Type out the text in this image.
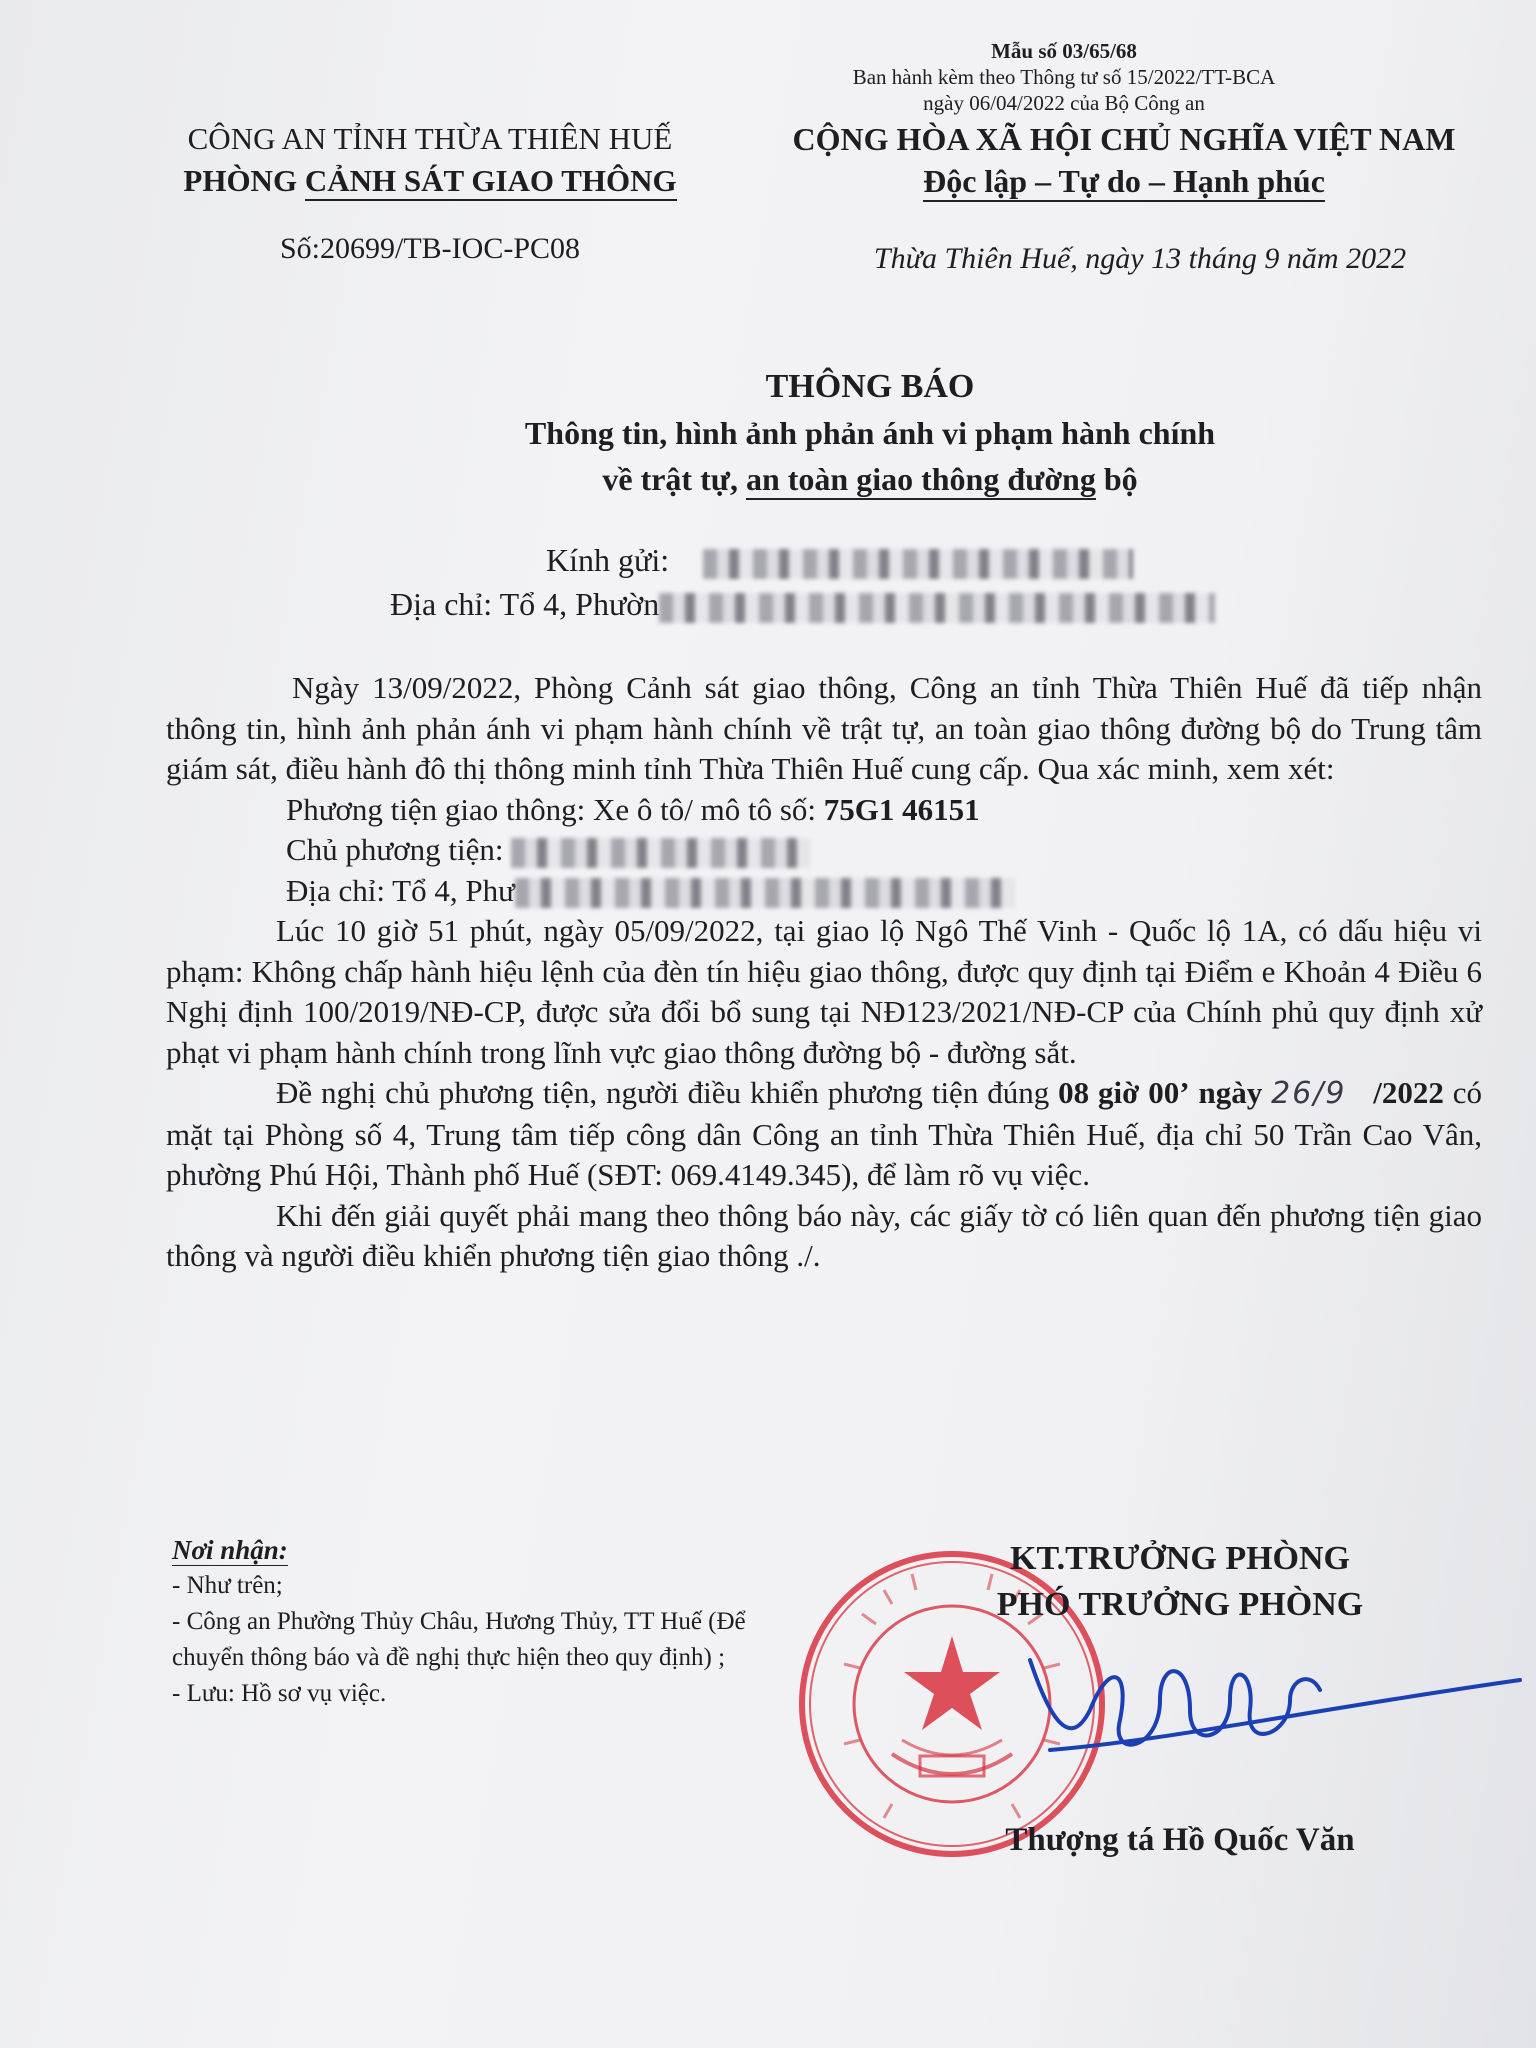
Mẫu số 03/65/68
Ban hành kèm theo Thông tư số 15/2022/TT-BCA
ngày 06/04/2022 của Bộ Công an
CÔNG AN TỈNH THỪA THIÊN HUẾ
PHÒNG CẢNH SÁT GIAO THÔNG
Số:20699/TB-IOC-PC08
CỘNG HÒA XÃ HỘI CHỦ NGHĨA VIỆT NAM
Độc lập – Tự do – Hạnh phúc
Thừa Thiên Huế, ngày 13 tháng 9 năm 2022
THÔNG BÁO
Thông tin, hình ảnh phản ánh vi phạm hành chính
về trật tự, an toàn giao thông đường bộ
Kính gửi:
Địa chỉ: Tổ 4, Phườn

Ngày 13/09/2022, Phòng Cảnh sát giao thông, Công an tỉnh Thừa Thiên Huế đã tiếp nhận thông tin, hình ảnh phản ánh vi phạm hành chính về trật tự, an toàn giao thông đường bộ do Trung tâm giám sát, điều hành đô thị thông minh tỉnh Thừa Thiên Huế cung cấp. Qua xác minh, xem xét:

Phương tiện giao thông: Xe ô tô/ mô tô số: 75G1 46151

Chủ phương tiện:

Địa chỉ: Tổ 4, Phư

Lúc 10 giờ 51 phút, ngày 05/09/2022, tại giao lộ Ngô Thế Vinh - Quốc lộ 1A, có dấu hiệu vi phạm: Không chấp hành hiệu lệnh của đèn tín hiệu giao thông, được quy định tại Điểm e Khoản 4 Điều 6 Nghị định 100/2019/NĐ-CP, được sửa đổi bổ sung tại NĐ123/2021/NĐ-CP của Chính phủ quy định xử phạt vi phạm hành chính trong lĩnh vực giao thông đường bộ - đường sắt.

Đề nghị chủ phương tiện, người điều khiển phương tiện đúng 08 giờ 00’ ngày 26/9 /2022 có mặt tại Phòng số 4, Trung tâm tiếp công dân Công an tỉnh Thừa Thiên Huế, địa chỉ 50 Trần Cao Vân, phường Phú Hội, Thành phố Huế (SĐT: 069.4149.345), để làm rõ vụ việc.

Khi đến giải quyết phải mang theo thông báo này, các giấy tờ có liên quan đến phương tiện giao thông và người điều khiển phương tiện giao thông ./.

Nơi nhận:
- Như trên;
- Công an Phường Thủy Châu, Hương Thủy, TT Huế (Để chuyển thông báo và đề nghị thực hiện theo quy định) ;
- Lưu: Hồ sơ vụ việc.
KT.TRƯỞNG PHÒNG
PHÓ TRƯỞNG PHÒNG
Thượng tá Hồ Quốc Văn
